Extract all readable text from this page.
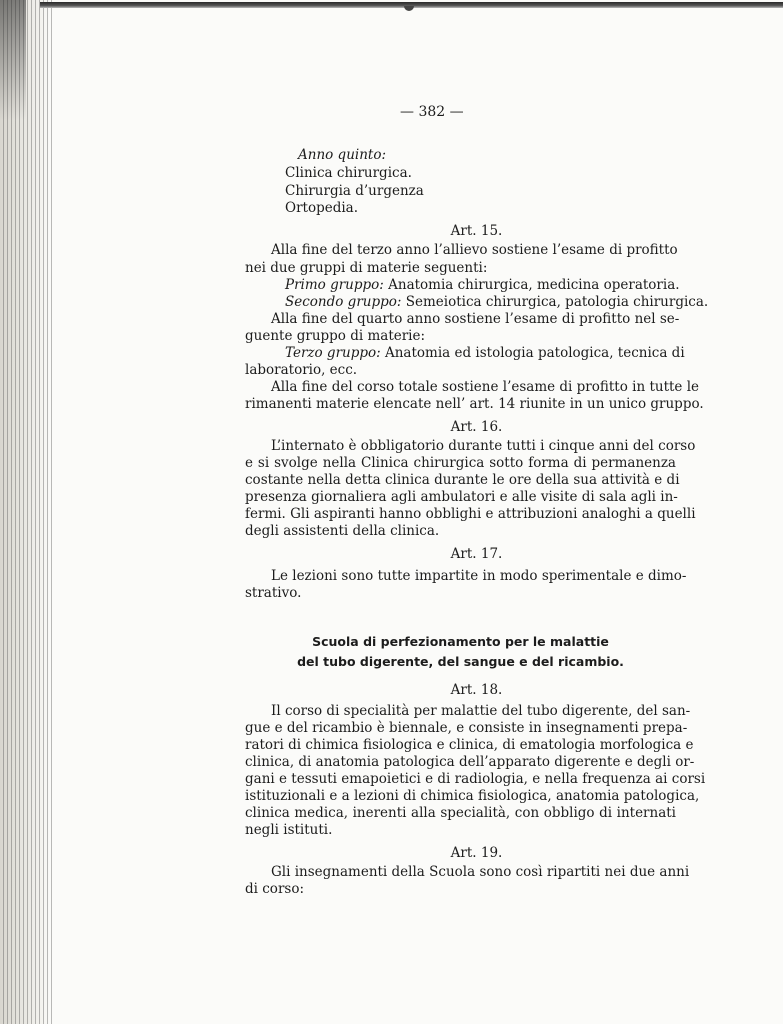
— 382 —
Anno quinto:
Clinica chirurgica.
Chirurgia d’urgenza
Ortopedia.
Art. 15.
Alla fine del terzo anno l’allievo sostiene l’esame di profitto
nei due gruppi di materie seguenti:
Primo gruppo: Anatomia chirurgica, medicina operatoria.
Secondo gruppo: Semeiotica chirurgica, patologia chirurgica.
Alla fine del quarto anno sostiene l’esame di profitto nel se-
guente gruppo di materie:
Terzo gruppo: Anatomia ed istologia patologica, tecnica di
laboratorio, ecc.
Alla fine del corso totale sostiene l’esame di profitto in tutte le
rimanenti materie elencate nell’ art. 14 riunite in un unico gruppo.
Art. 16.
L’internato è obbligatorio durante tutti i cinque anni del corso
e si svolge nella Clinica chirurgica sotto forma di permanenza
costante nella detta clinica durante le ore della sua attività e di
presenza giornaliera agli ambulatori e alle visite di sala agli in-
fermi. Gli aspiranti hanno obblighi e attribuzioni analoghi a quelli
degli assistenti della clinica.
Art. 17.
Le lezioni sono tutte impartite in modo sperimentale e dimo-
strativo.
Scuola di perfezionamento per le malattie
del tubo digerente, del sangue e del ricambio.
Art. 18.
Il corso di specialità per malattie del tubo digerente, del san-
gue e del ricambio è biennale, e consiste in insegnamenti prepa-
ratori di chimica fisiologica e clinica, di ematologia morfologica e
clinica, di anatomia patologica dell’apparato digerente e degli or-
gani e tessuti emapoietici e di radiologia, e nella frequenza ai corsi
istituzionali e a lezioni di chimica fisiologica, anatomia patologica,
clinica medica, inerenti alla specialità, con obbligo di internati
negli istituti.
Art. 19.
Gli insegnamenti della Scuola sono così ripartiti nei due anni
di corso:
